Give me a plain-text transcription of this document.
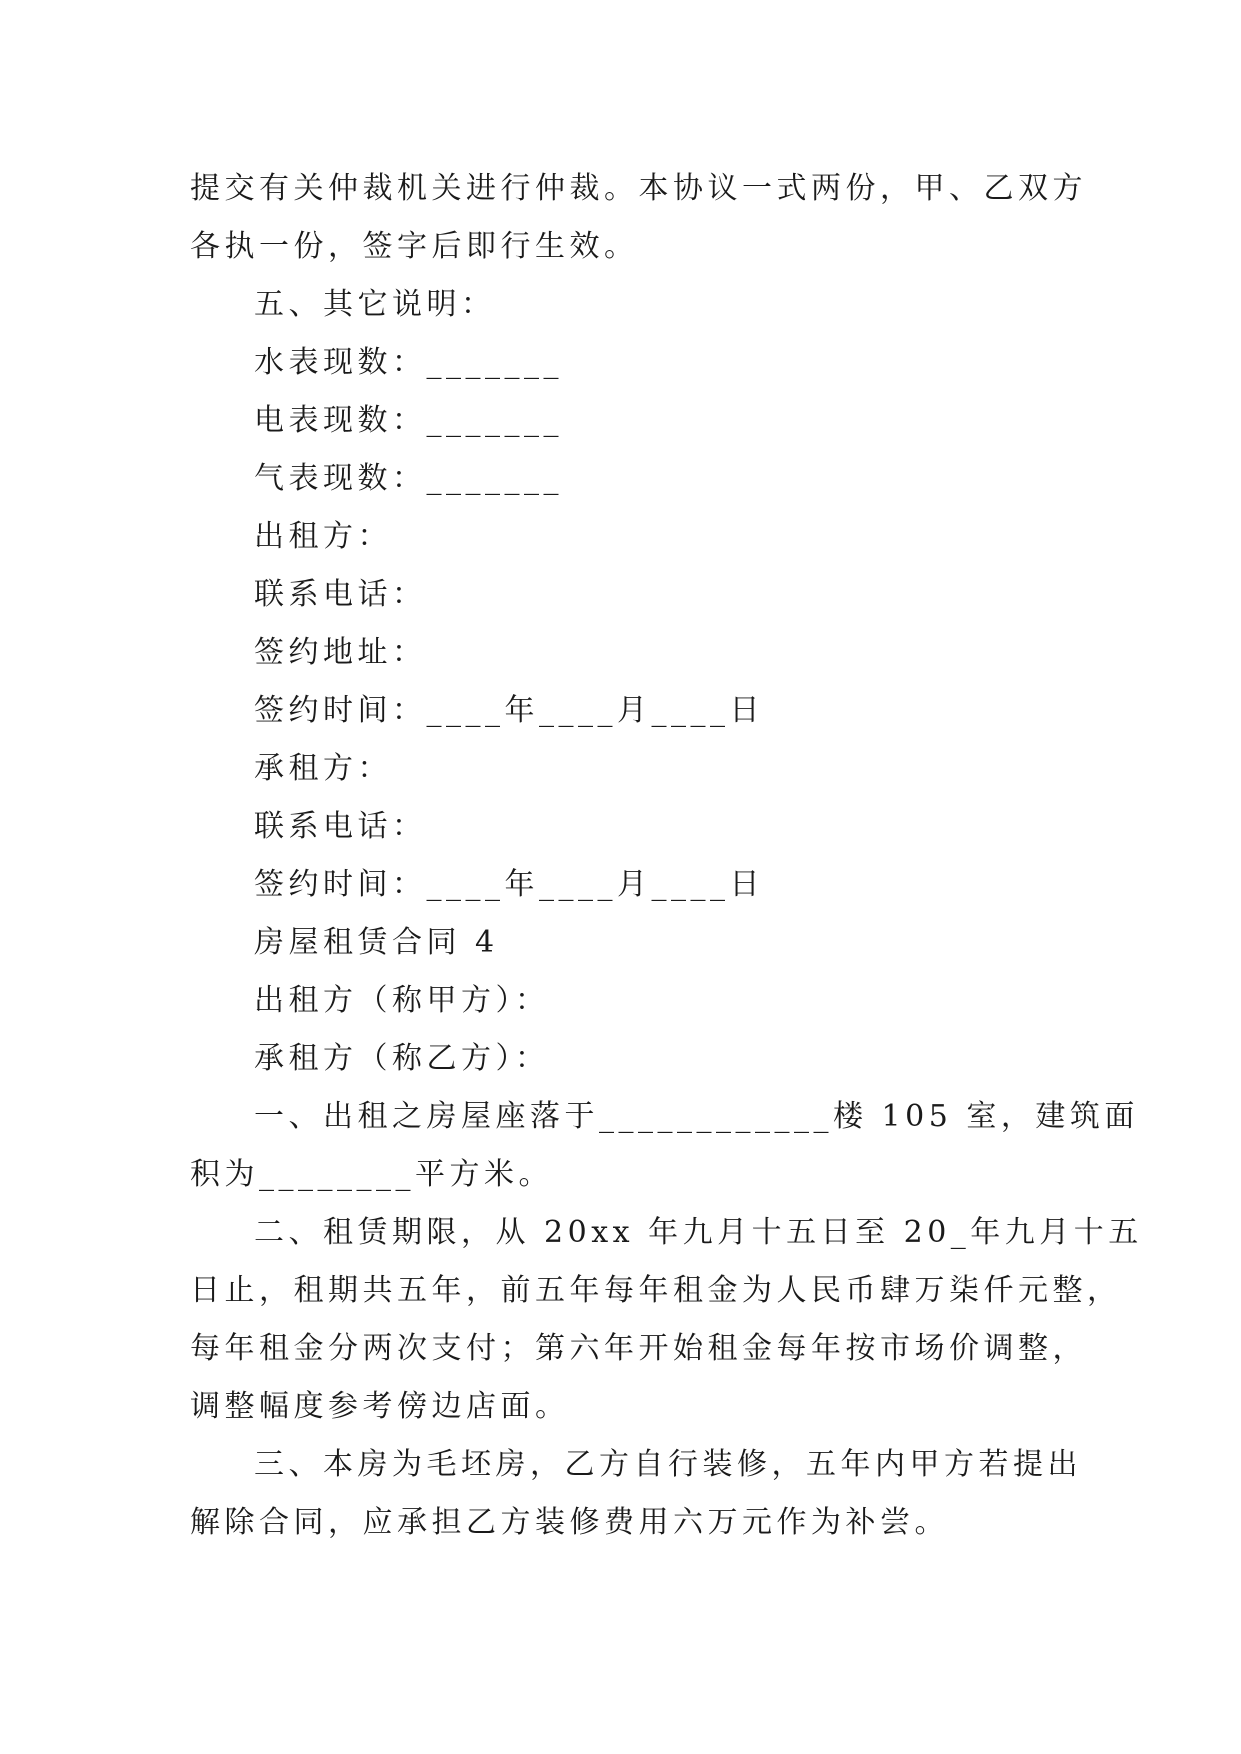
提交有关仲裁机关进行仲裁。本协议一式两份，甲、乙双方
各执一份，签字后即行生效。
五、其它说明：
水表现数：_______
电表现数：_______
气表现数：_______
出租方：
联系电话：
签约地址：
签约时间：____年____月____日
承租方：
联系电话：
签约时间：____年____月____日
房屋租赁合同 4
出租方（称甲方）：
承租方（称乙方）：
一、出租之房屋座落于____________楼 105 室，建筑面
积为________平方米。
二、租赁期限，从 20xx 年九月十五日至 20_年九月十五
日止，租期共五年，前五年每年租金为人民币肆万柒仟元整，
每年租金分两次支付；第六年开始租金每年按市场价调整，
调整幅度参考傍边店面。
三、本房为毛坯房，乙方自行装修，五年内甲方若提出
解除合同，应承担乙方装修费用六万元作为补尝。
